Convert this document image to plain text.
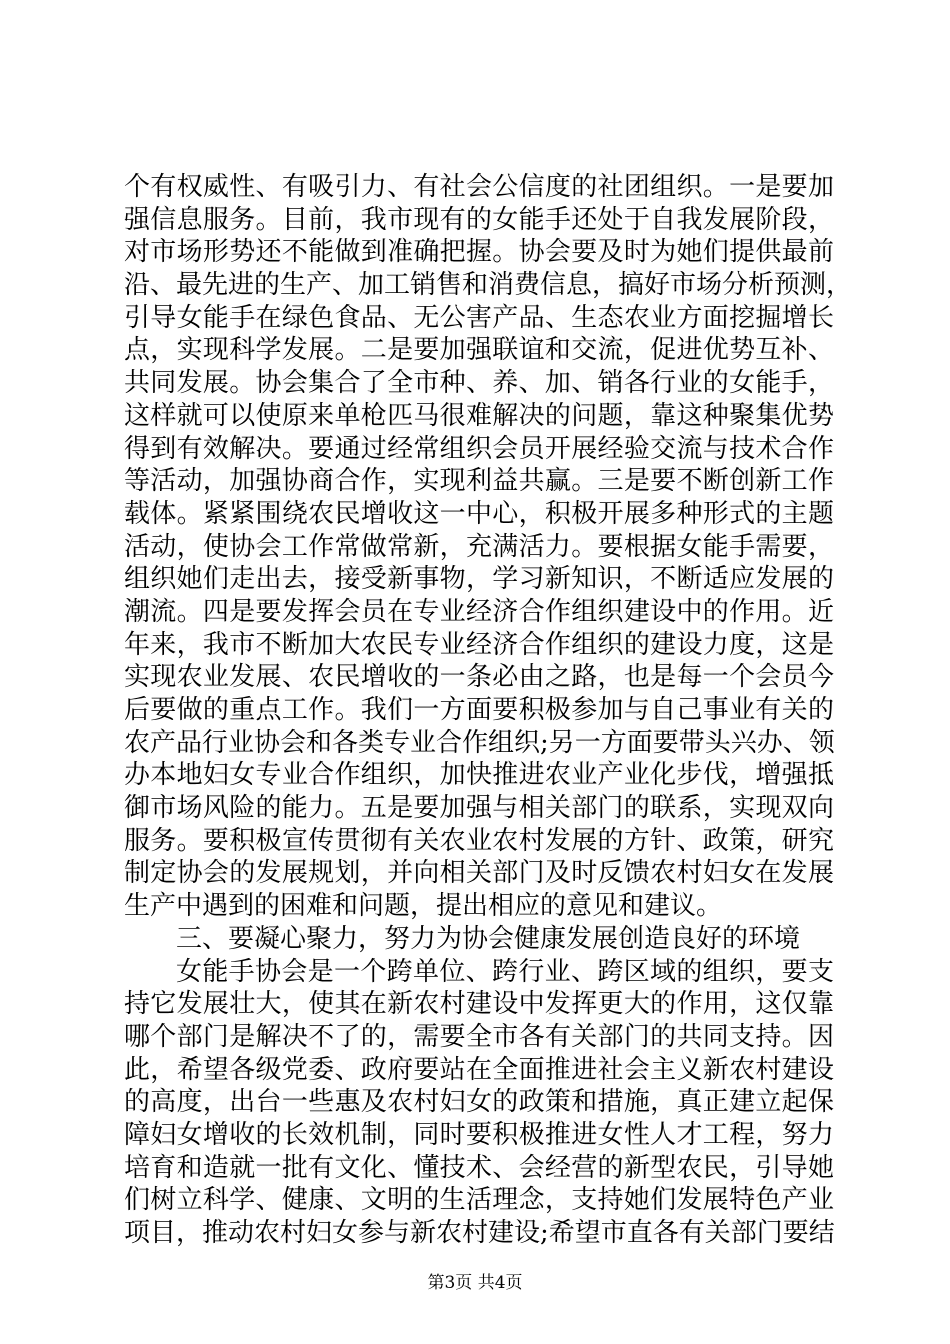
个有权威性、有吸引力、有社会公信度的社团组织。一是要加
强信息服务。目前，我市现有的女能手还处于自我发展阶段，
对市场形势还不能做到准确把握。协会要及时为她们提供最前
沿、最先进的生产、加工销售和消费信息，搞好市场分析预测，
引导女能手在绿色食品、无公害产品、生态农业方面挖掘增长
点，实现科学发展。二是要加强联谊和交流，促进优势互补、
共同发展。协会集合了全市种、养、加、销各行业的女能手，
这样就可以使原来单枪匹马很难解决的问题，靠这种聚集优势
得到有效解决。要通过经常组织会员开展经验交流与技术合作
等活动，加强协商合作，实现利益共赢。三是要不断创新工作
载体。紧紧围绕农民增收这一中心，积极开展多种形式的主题
活动，使协会工作常做常新，充满活力。要根据女能手需要，
组织她们走出去，接受新事物，学习新知识，不断适应发展的
潮流。四是要发挥会员在专业经济合作组织建设中的作用。近
年来，我市不断加大农民专业经济合作组织的建设力度，这是
实现农业发展、农民增收的一条必由之路，也是每一个会员今
后要做的重点工作。我们一方面要积极参加与自己事业有关的
农产品行业协会和各类专业合作组织;另一方面要带头兴办、领
办本地妇女专业合作组织，加快推进农业产业化步伐，增强抵
御市场风险的能力。五是要加强与相关部门的联系，实现双向
服务。要积极宣传贯彻有关农业农村发展的方针、政策，研究
制定协会的发展规划，并向相关部门及时反馈农村妇女在发展
生产中遇到的困难和问题，提出相应的意见和建议。
三、要凝心聚力，努力为协会健康发展创造良好的环境
女能手协会是一个跨单位、跨行业、跨区域的组织，要支
持它发展壮大，使其在新农村建设中发挥更大的作用，这仅靠
哪个部门是解决不了的，需要全市各有关部门的共同支持。因
此，希望各级党委、政府要站在全面推进社会主义新农村建设
的高度，出台一些惠及农村妇女的政策和措施，真正建立起保
障妇女增收的长效机制，同时要积极推进女性人才工程，努力
培育和造就一批有文化、懂技术、会经营的新型农民，引导她
们树立科学、健康、文明的生活理念，支持她们发展特色产业
项目，推动农村妇女参与新农村建设;希望市直各有关部门要结
第3页 共4页
